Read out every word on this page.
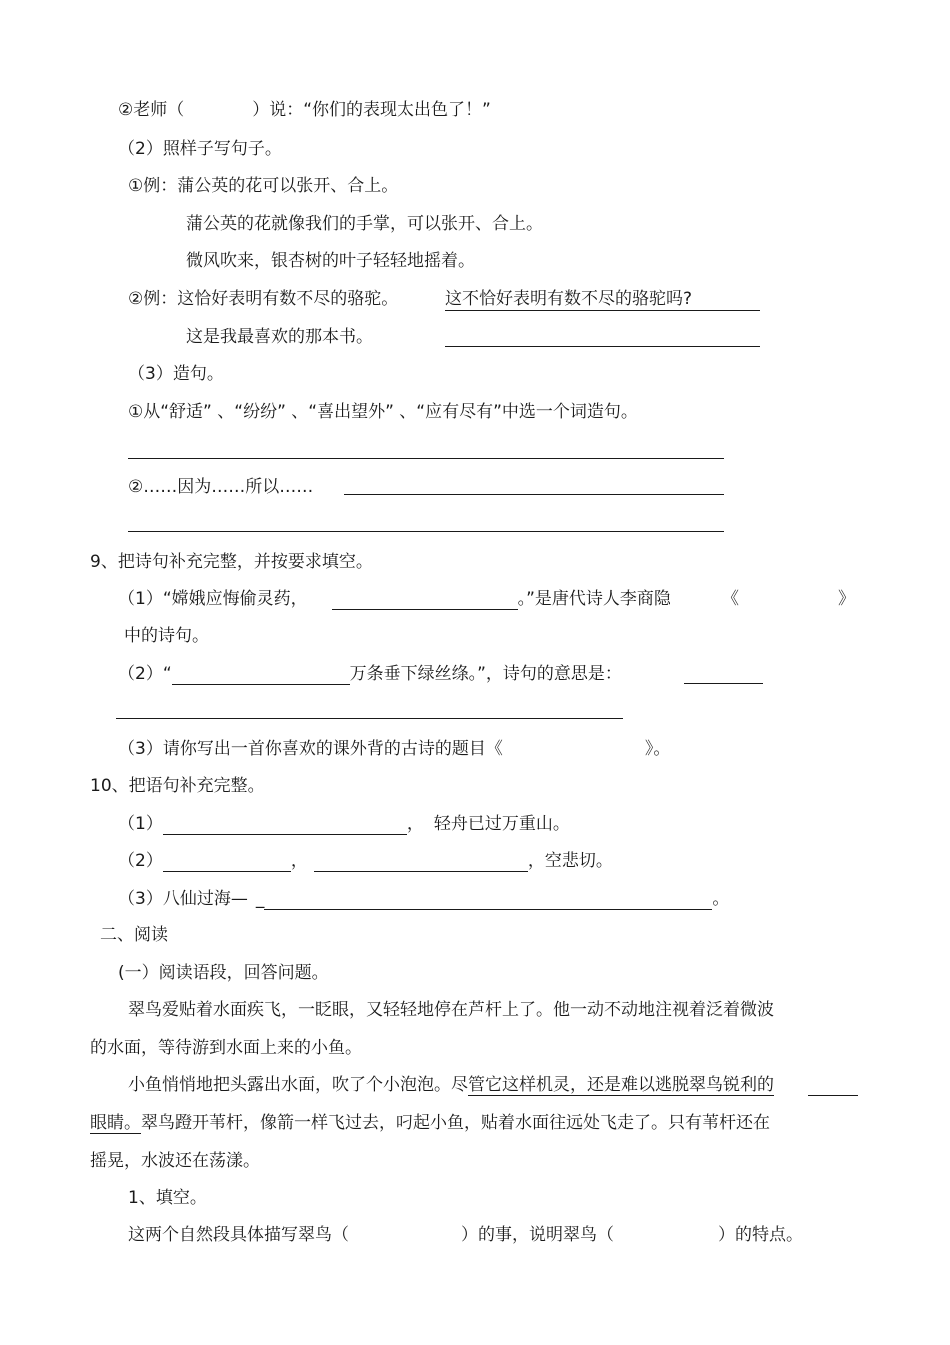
②老师（	）说：“你们的表现太出色了！”
（2）照样子写句子。
①例：蒲公英的花可以张开、合上。
蒲公英的花就像我们的手掌，可以张开、合上。
微风吹来，银杏树的叶子轻轻地摇着。
②例：这恰好表明有数不尽的骆驼。	这不恰好表明有数不尽的骆驼吗?
这是我最喜欢的那本书。
（3）造句。
①从“舒适” 、“纷纷” 、“喜出望外” 、“应有尽有”中选一个词造句。
②……因为……所以……
9、把诗句补充完整，并按要求填空。
（1）“嫦娥应悔偷灵药，	。”是唐代诗人李商隐	《	》
中的诗句。
（2）“	万条垂下绿丝绦。”，诗句的意思是：
（3）请你写出一首你喜欢的课外背的古诗的题目《	》。
10、把语句补充完整。
（1）	， 轻舟已过万重山。
（2）	，	，空悲切。
（3）八仙过海— _	。
二、阅读
(一）阅读语段，回答问题。
翠鸟爱贴着水面疾飞，一眨眼，又轻轻地停在芦杆上了。他一动不动地注视着泛着微波
的水面，等待游到水面上来的小鱼。
小鱼悄悄地把头露出水面，吹了个小泡泡。尽管它这样机灵，还是难以逃脱翠鸟锐利的
眼睛。翠鸟蹬开苇杆，像箭一样飞过去，叼起小鱼，贴着水面往远处飞走了。只有苇杆还在
摇晃，水波还在荡漾。
1、填空。
这两个自然段具体描写翠鸟（	）的事，说明翠鸟（	）的特点。
